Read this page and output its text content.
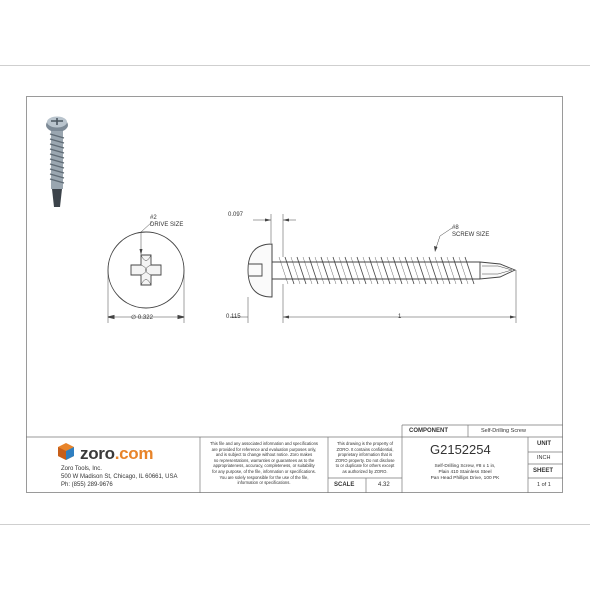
#2
DRIVE SIZE
∅ 0.322
0.097
0.115	1
#8
SCREW SIZE
zoro.com
Zoro Tools, Inc.
500 W Madison St, Chicago, IL 60661, USA
Ph: (855) 289-9676
This file and any associated information and specifications
are provided for reference and evaluation purposes only,
and is subject to change without notice. Zoro makes
no representations, warranties or guarantees as to the
appropriateness, accuracy, completeness, or suitability
for any purpose, of the file, information or specifications.
You are solely responsible for the use of the file,
information or specifications.
This drawing is the property of
ZORO. It contains confidential,
proprietary information that is
ZORO property. Do not disclose
to or duplicate for others except
as authorized by ZORO.
COMPONENT	Self-Drilling Screw
G2152254
Self-Drilling Screw, #8 x 1 in,
Plain 410 Stainless Steel
Pan Head Phillips Drive, 100 PK
SCALE	4.32
UNIT
INCH
SHEET
1 of 1
